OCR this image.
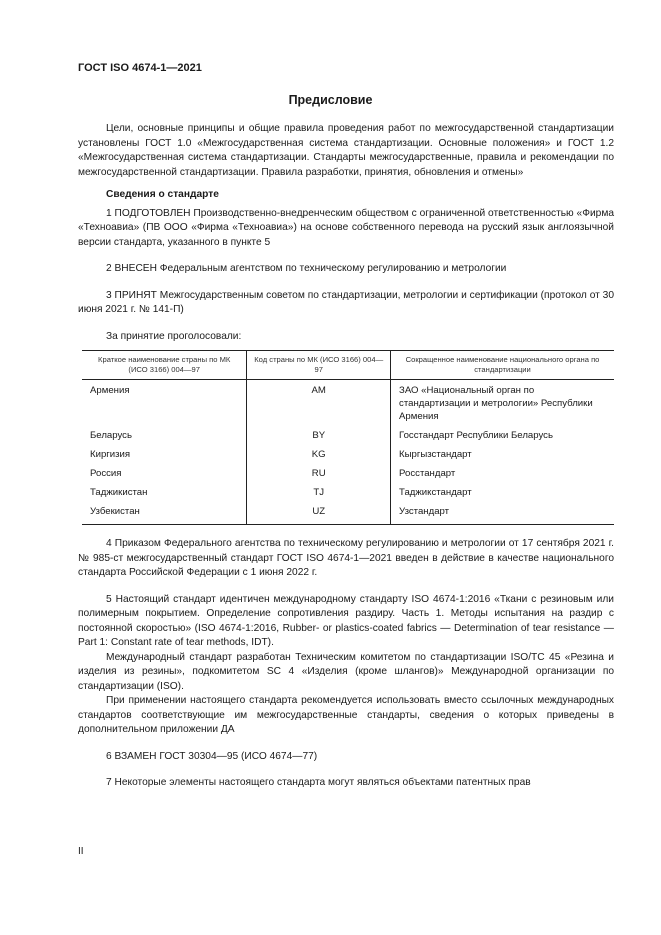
ГОСТ ISO 4674-1—2021
Предисловие

Цели, основные принципы и общие правила проведения работ по межгосударственной стандартизации установлены ГОСТ 1.0 «Межгосударственная система стандартизации. Основные положения» и ГОСТ 1.2 «Межгосударственная система стандартизации. Стандарты межгосударственные, правила и рекомендации по межгосударственной стандартизации. Правила разработки, принятия, обновления и отмены»

Сведения о стандарте

1 ПОДГОТОВЛЕН Производственно-внедренческим обществом с ограниченной ответственностью «Фирма «Техноавиа» (ПВ ООО «Фирма «Техноавиа») на основе собственного перевода на русский язык англоязычной версии стандарта, указанного в пункте 5

2 ВНЕСЕН Федеральным агентством по техническому регулированию и метрологии

3 ПРИНЯТ Межгосударственным советом по стандартизации, метрологии и сертификации (протокол от 30 июня 2021 г. № 141-П)

За принятие проголосовали:

Краткое наименование страны по МК (ИСО 3166) 004—97	Код страны по МК (ИСО 3166) 004—97	Сокращенное наименование национального органа по стандартизации
Армения	AM	ЗАО «Национальный орган по стандартизации и метрологии» Республики Армения
Беларусь	BY	Госстандарт Республики Беларусь
Киргизия	KG	Кыргызстандарт
Россия	RU	Росстандарт
Таджикистан	TJ	Таджикстандарт
Узбекистан	UZ	Узстандарт

4 Приказом Федерального агентства по техническому регулированию и метрологии от 17 сентября 2021 г. № 985-ст межгосударственный стандарт ГОСТ ISO 4674-1—2021 введен в действие в качестве национального стандарта Российской Федерации с 1 июня 2022 г.

5 Настоящий стандарт идентичен международному стандарту ISO 4674-1:2016 «Ткани с резиновым или полимерным покрытием. Определение сопротивления раздиру. Часть 1. Методы испытания на раздир с постоянной скоростью» (ISO 4674-1:2016, Rubber- or plastics-coated fabrics — Determination of tear resistance — Part 1: Constant rate of tear methods, IDT).

Международный стандарт разработан Техническим комитетом по стандартизации ISO/TC 45 «Резина и изделия из резины», подкомитетом SC 4 «Изделия (кроме шлангов)» Международной организации по стандартизации (ISO).

При применении настоящего стандарта рекомендуется использовать вместо ссылочных международных стандартов соответствующие им межгосударственные стандарты, сведения о которых приведены в дополнительном приложении ДА

6 ВЗАМЕН ГОСТ 30304—95 (ИСО 4674—77)

7 Некоторые элементы настоящего стандарта могут являться объектами патентных прав

II
